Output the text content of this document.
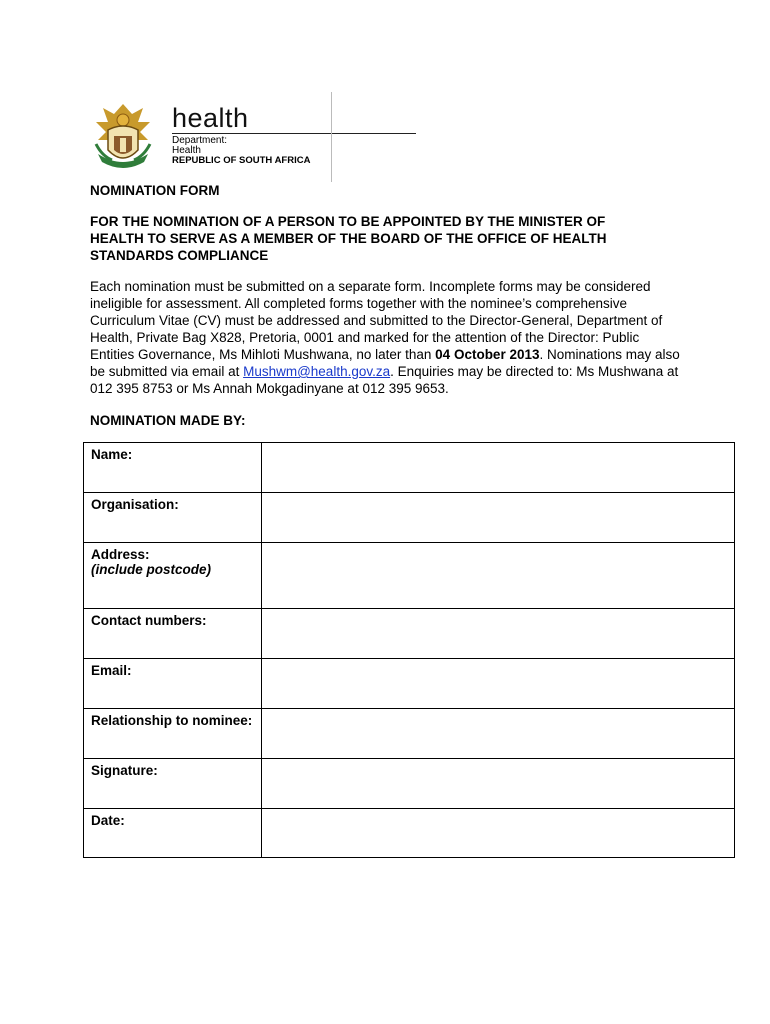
health
Department:
Health
REPUBLIC OF SOUTH AFRICA
NOMINATION FORM
FOR THE NOMINATION OF A PERSON TO BE APPOINTED BY THE MINISTER OF
HEALTH TO SERVE AS A MEMBER OF THE BOARD OF THE OFFICE OF HEALTH
STANDARDS COMPLIANCE
Each nomination must be submitted on a separate form. Incomplete forms may be considered ineligible for assessment. All completed forms together with the nominee’s comprehensive Curriculum Vitae (CV) must be addressed and submitted to the Director-General, Department of Health, Private Bag X828, Pretoria, 0001 and marked for the attention of the Director: Public Entities Governance, Ms Mihloti Mushwana, no later than 04 October 2013. Nominations may also be submitted via email at Mushwm@health.gov.za. Enquiries may be directed to: Ms Mushwana at 012 395 8753 or Ms Annah Mokgadinyane at 012 395 9653.
NOMINATION MADE BY:
Name:	
Organisation:	
Address:
(include postcode)	

Contact numbers:	
Email:	
Relationship to nominee:	
Signature:	
Date:	
